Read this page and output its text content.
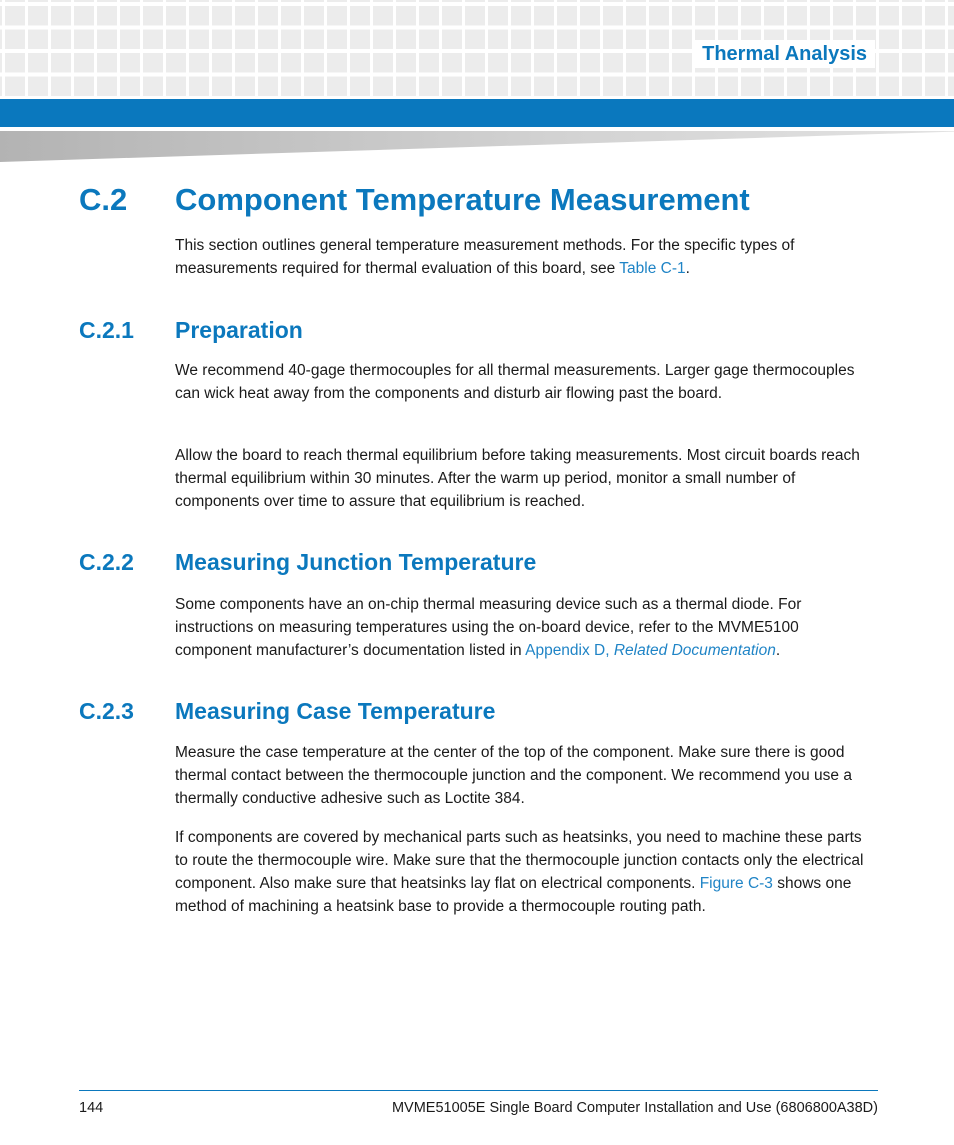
Thermal Analysis
C.2 Component Temperature Measurement

This section outlines general temperature measurement methods. For the specific types of measurements required for thermal evaluation of this board, see Table C-1.

C.2.1 Preparation

We recommend 40-gage thermocouples for all thermal measurements. Larger gage thermocouples can wick heat away from the components and disturb air flowing past the board.

Allow the board to reach thermal equilibrium before taking measurements. Most circuit boards reach thermal equilibrium within 30 minutes. After the warm up period, monitor a small number of components over time to assure that equilibrium is reached.

C.2.2 Measuring Junction Temperature

Some components have an on-chip thermal measuring device such as a thermal diode. For instructions on measuring temperatures using the on-board device, refer to the MVME5100 component manufacturer’s documentation listed in Appendix D, Related Documentation.

C.2.3 Measuring Case Temperature

Measure the case temperature at the center of the top of the component. Make sure there is good thermal contact between the thermocouple junction and the component. We recommend you use a thermally conductive adhesive such as Loctite 384.

If components are covered by mechanical parts such as heatsinks, you need to machine these parts to route the thermocouple wire. Make sure that the thermocouple junction contacts only the electrical component. Also make sure that heatsinks lay flat on electrical components. Figure C-3 shows one method of machining a heatsink base to provide a thermocouple routing path.

144	MVME51005E Single Board Computer Installation and Use (6806800A38D)
